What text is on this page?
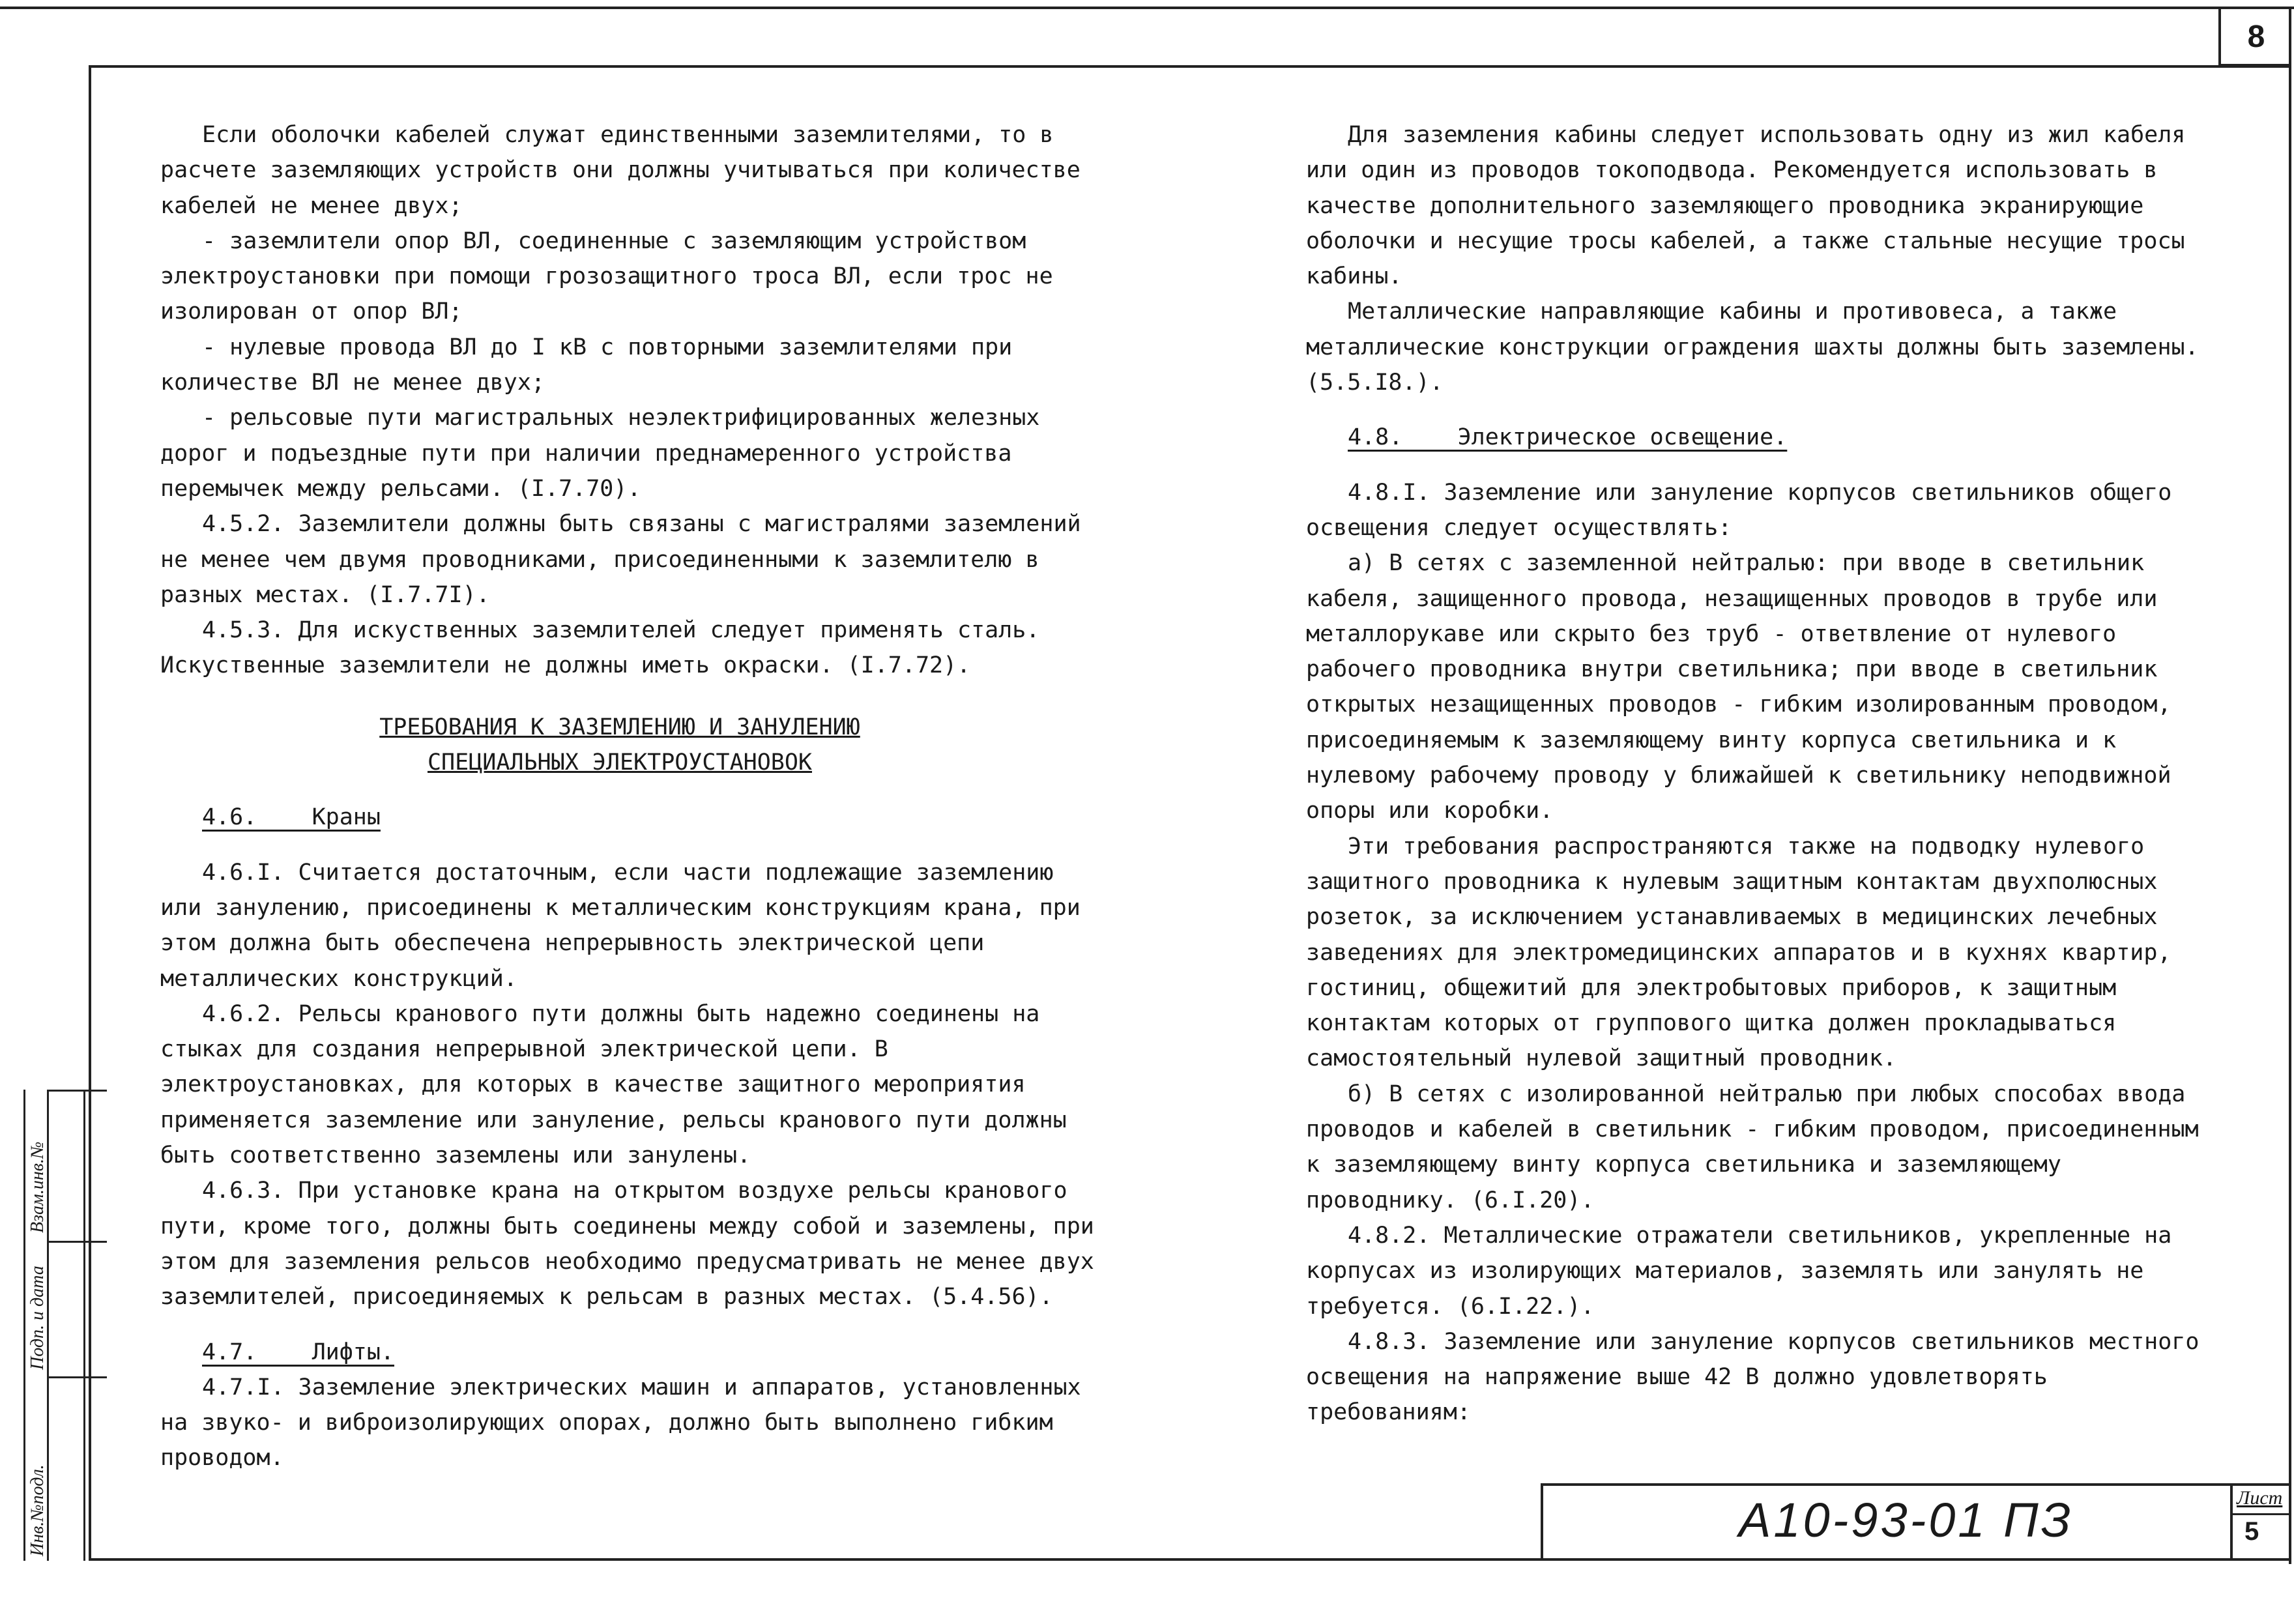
8
Взам.инв.№
Подп. и дата
Инв.№подл.

Если оболочки кабелей служат единственными заземлителями, то в расчете заземляющих устройств они должны учитываться при количестве кабелей не менее двух;

- заземлители опор ВЛ, соединенные с заземляющим устройством электроустановки при помощи грозозащитного троса ВЛ, если трос не изолирован от опор ВЛ;

- нулевые провода ВЛ до I кВ с повторными заземлителями при количестве ВЛ не менее двух;

- рельсовые пути магистральных неэлектрифицированных железных дорог и подъездные пути при наличии преднамеренного устройства перемычек между рельсами. (I.7.70).

4.5.2. Заземлители должны быть связаны с магистралями заземлений не менее чем двумя проводниками, присоединенными к заземлителю в разных местах. (I.7.7I).

4.5.3. Для искуственных заземлителей следует применять сталь. Искуственные заземлители не должны иметь окраски. (I.7.72).

ТРЕБОВАНИЯ К ЗАЗЕМЛЕНИЮ И ЗАНУЛЕНИЮ

СПЕЦИАЛЬНЫХ ЭЛЕКТРОУСТАНОВОК

4.6.    Краны

4.6.I. Считается достаточным, если части подлежащие заземлению или занулению, присоединены к металлическим конструкциям крана, при этом должна быть обеспечена непрерывность электрической цепи металлических конструкций.

4.6.2. Рельсы кранового пути должны быть надежно соединены на стыках для создания непрерывной электрической цепи. В электроустановках, для которых в качестве защитного мероприятия применяется заземление или зануление, рельсы кранового пути должны быть соответственно заземлены или занулены.

4.6.3. При установке крана на открытом воздухе рельсы кранового пути, кроме того, должны быть соединены между собой и заземлены, при этом для заземления рельсов необходимо предусматривать не менее двух заземлителей, присоединяемых к рельсам в разных местах. (5.4.56).

4.7.    Лифты.

4.7.I. Заземление электрических машин и аппаратов, установленных на звуко- и виброизолирующих опорах, должно быть выполнено гибким проводом.

Для заземления кабины следует использовать одну из жил кабеля или один из проводов токоподвода. Рекомендуется использовать в качестве дополнительного заземляющего проводника экранирующие оболочки и несущие тросы кабелей, а также стальные несущие тросы кабины.

Металлические направляющие кабины и противовеса, а также металлические конструкции ограждения шахты должны быть заземлены. (5.5.I8.).

4.8.    Электрическое освещение.

4.8.I. Заземление или зануление корпусов светильников общего освещения следует осуществлять:

а) В сетях с заземленной нейтралью: при вводе в светильник кабеля, защищенного провода, незащищенных проводов в трубе или металлорукаве или скрыто без труб - ответвление от нулевого рабочего проводника внутри светильника; при вводе в светильник открытых незащищенных проводов - гибким изолированным проводом, присоединяемым к заземляющему винту корпуса светильника и к нулевому рабочему проводу у ближайшей к светильнику неподвижной опоры или коробки.

Эти требования распространяются также на подводку нулевого защитного проводника к нулевым защитным контактам двухполюсных розеток, за исключением устанавливаемых в медицинских лечебных заведениях для электромедицинских аппаратов и в кухнях квартир, гостиниц, общежитий для электробытовых приборов, к защитным контактам которых от группового щитка должен прокладываться самостоятельный нулевой защитный проводник.

б) В сетях с изолированной нейтралью при любых способах ввода проводов и кабелей в светильник - гибким проводом, присоединенным к заземляющему винту корпуса светильника и заземляющему проводнику. (6.I.20).

4.8.2. Металлические отражатели светильников, укрепленные на корпусах из изолирующих материалов, заземлять или занулять не требуется. (6.I.22.).

4.8.3. Заземление или зануление корпусов светильников местного освещения на напряжение выше 42 В должно удовлетворять требованиям:

А10-93-01 ПЗ	Лист
5
